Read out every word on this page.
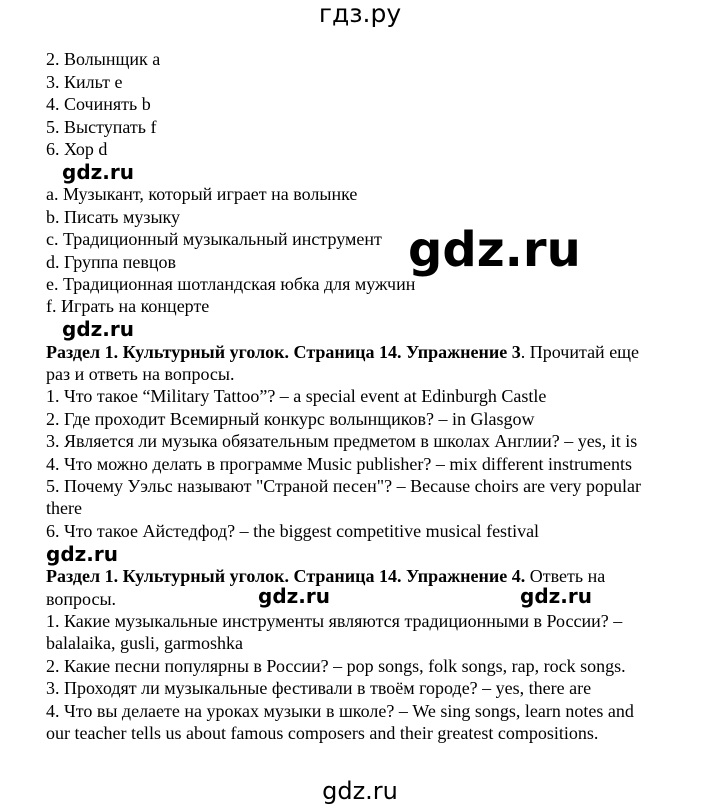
гдз.ру
2. Волынщик a
3. Кильт e
4. Сочинять b
5. Выступать f
6. Хор d
gdz.ru
a. Музыкант, который играет на волынке
b. Писать музыку
c. Традиционный музыкальный инструмент
d. Группа певцов
e. Традиционная шотландская юбка для мужчин
f. Играть на концерте
gdz.ru
gdz.ru
Раздел 1. Культурный уголок. Страница 14. Упражнение 3. Прочитай еще
раз и ответь на вопросы.
1. Что такое “Military Tattoo”? – a special event at Edinburgh Castle
2. Где проходит Всемирный конкурс волынщиков? – in Glasgow
3. Является ли музыка обязательным предметом в школах Англии? – yes, it is
4. Что можно делать в программе Music publisher? – mix different instruments
5. Почему Уэльс называют "Страной песен"? – Because choirs are very popular
there
6. Что такое Айстедфод? – the biggest competitive musical festival
gdz.ru
Раздел 1. Культурный уголок. Страница 14. Упражнение 4. Ответь на
вопросы.	gdz.ru	gdz.ru
1. Какие музыкальные инструменты являются традиционными в России? –
balalaika, gusli, garmoshka
2. Какие песни популярны в России? – pop songs, folk songs, rap, rock songs.
3. Проходят ли музыкальные фестивали в твоём городе? – yes, there are
4. Что вы делаете на уроках музыки в школе? – We sing songs, learn notes and
our teacher tells us about famous composers and their greatest compositions.
gdz.ru
